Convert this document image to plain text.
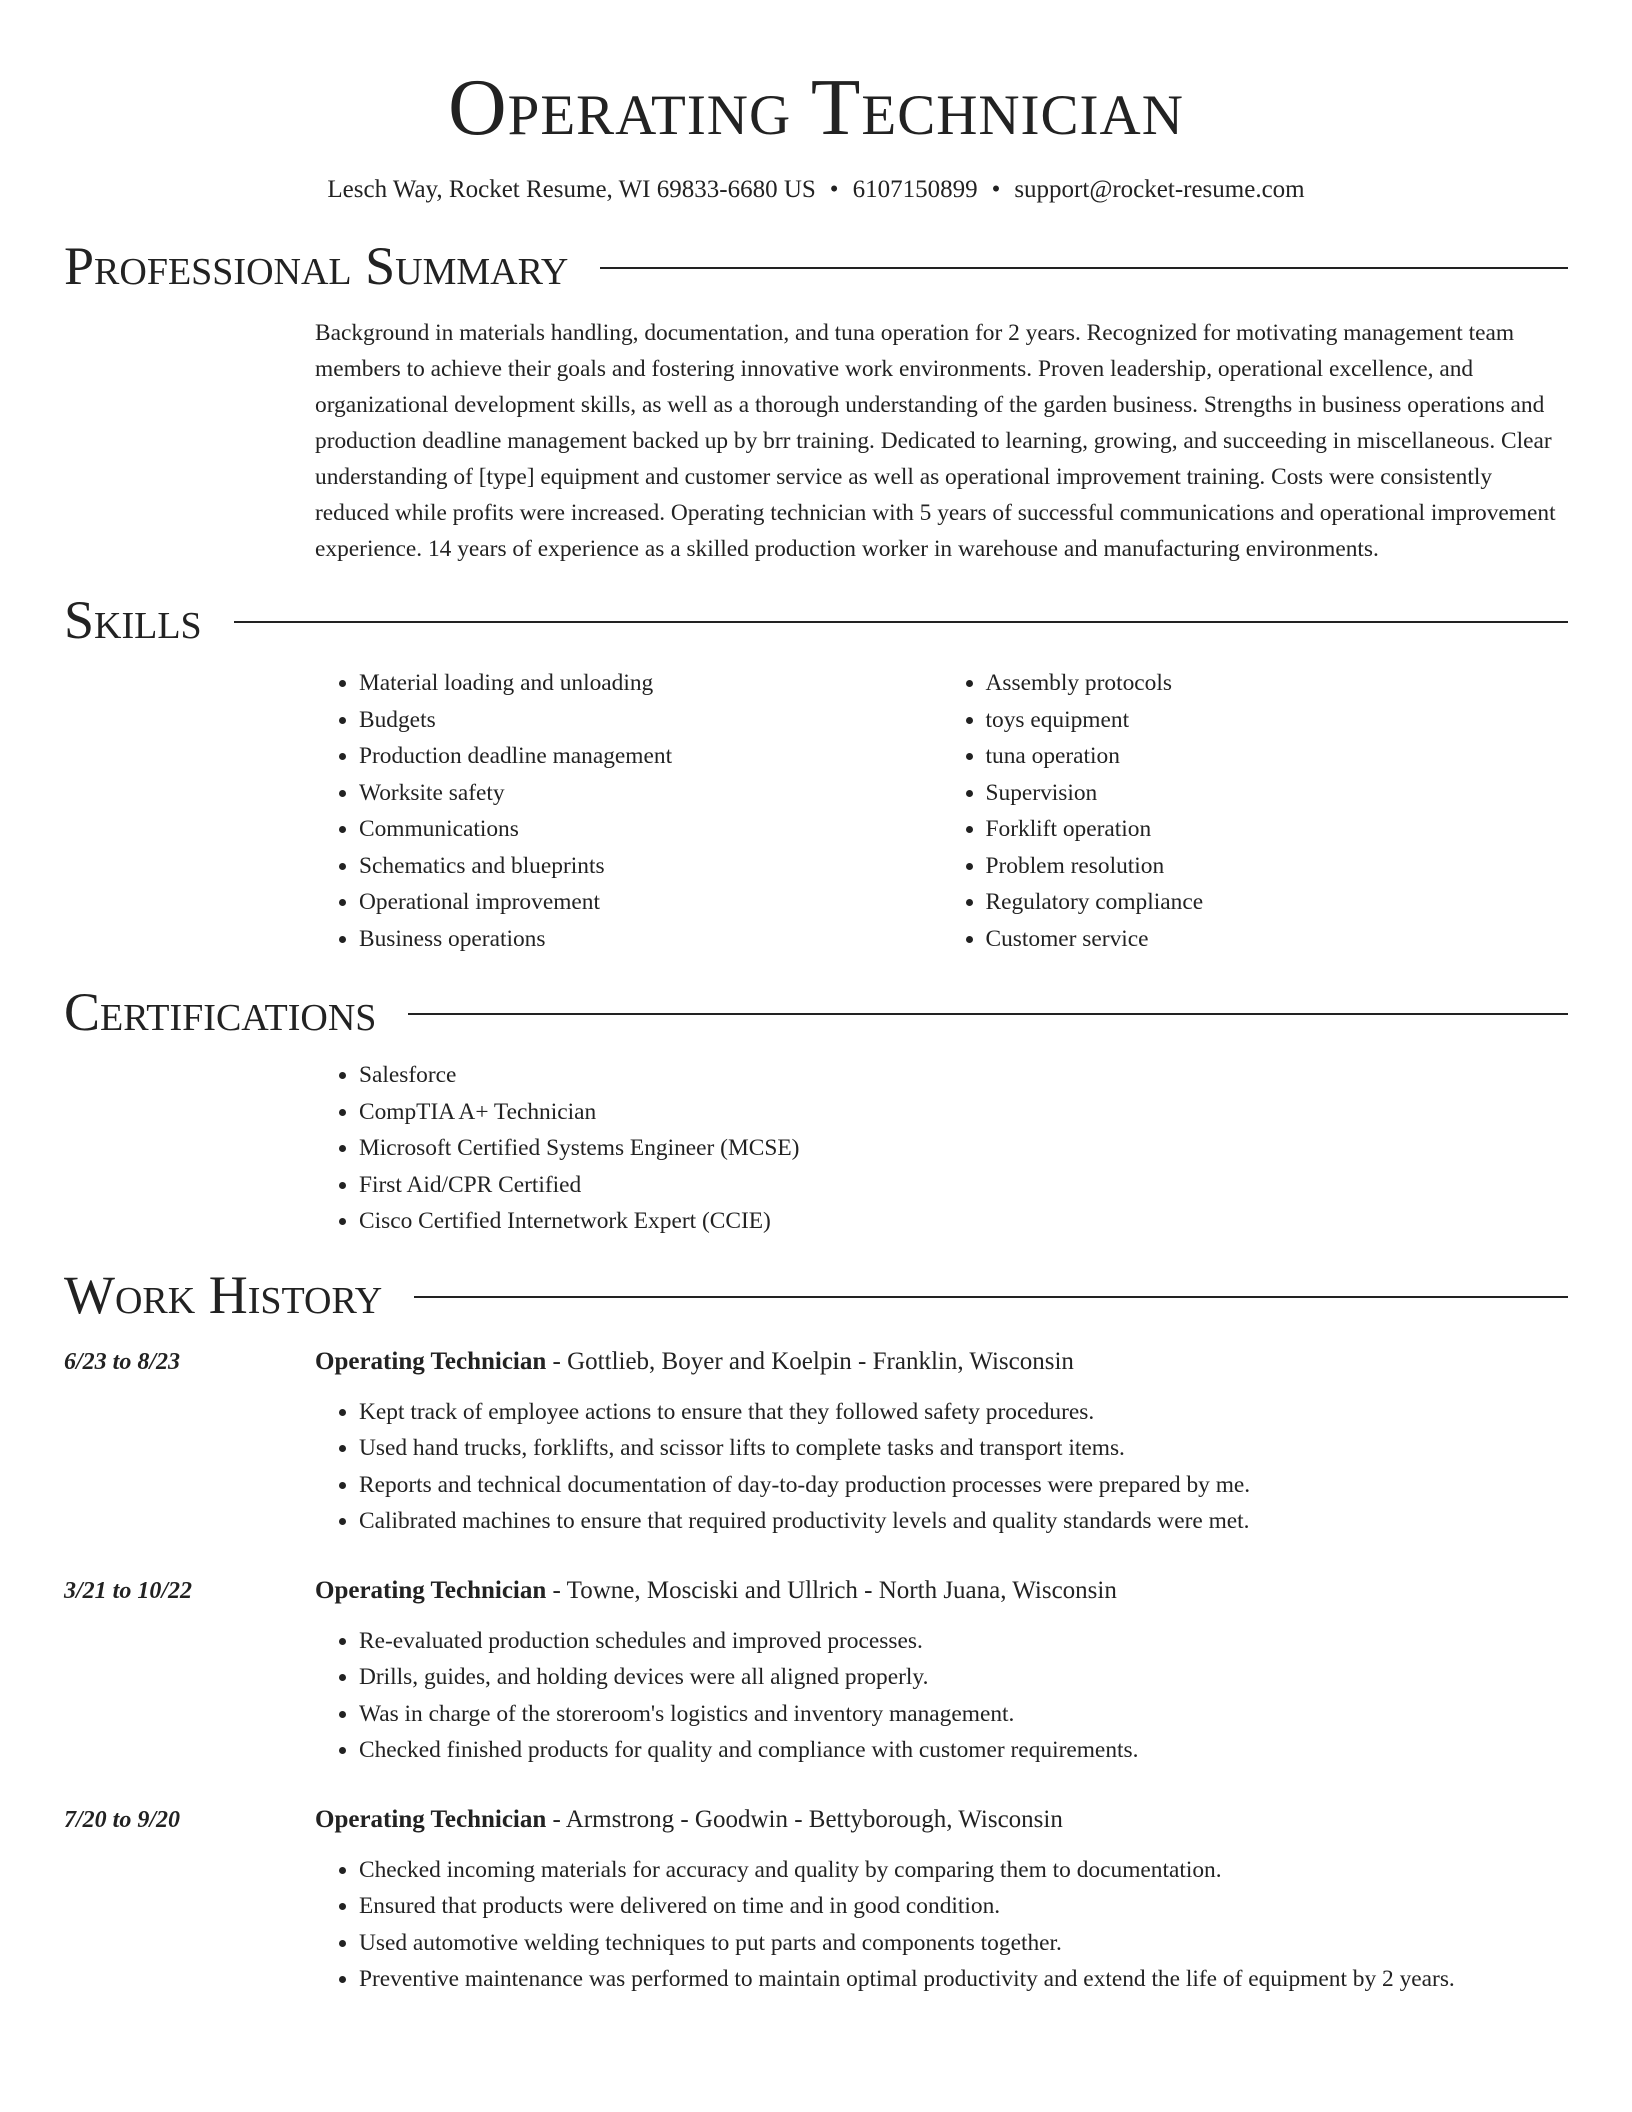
Operating Technician
Lesch Way, Rocket Resume, WI 69833-6680 US • 6107150899 • support@rocket-resume.com
Professional Summary

Background in materials handling, documentation, and tuna operation for 2 years. Recognized for motivating management team members to achieve their goals and fostering innovative work environments. Proven leadership, operational excellence, and organizational development skills, as well as a thorough understanding of the garden business. Strengths in business operations and production deadline management backed up by brr training. Dedicated to learning, growing, and succeeding in miscellaneous. Clear understanding of [type] equipment and customer service as well as operational improvement training. Costs were consistently reduced while profits were increased. Operating technician with 5 years of successful communications and operational improvement experience. 14 years of experience as a skilled production worker in warehouse and manufacturing environments.

Skills
• Material loading and unloading
• Budgets
• Production deadline management
• Worksite safety
• Communications
• Schematics and blueprints
• Operational improvement
• Business operations
• Assembly protocols
• toys equipment
• tuna operation
• Supervision
• Forklift operation
• Problem resolution
• Regulatory compliance
• Customer service
Certifications
• Salesforce
• CompTIA A+ Technician
• Microsoft Certified Systems Engineer (MCSE)
• First Aid/CPR Certified
• Cisco Certified Internetwork Expert (CCIE)
Work History
6/23 to 8/23	Operating Technician - Gottlieb, Boyer and Koelpin - Franklin, Wisconsin
• Kept track of employee actions to ensure that they followed safety procedures.
• Used hand trucks, forklifts, and scissor lifts to complete tasks and transport items.
• Reports and technical documentation of day-to-day production processes were prepared by me.
• Calibrated machines to ensure that required productivity levels and quality standards were met.
3/21 to 10/22	Operating Technician - Towne, Mosciski and Ullrich - North Juana, Wisconsin
• Re-evaluated production schedules and improved processes.
• Drills, guides, and holding devices were all aligned properly.
• Was in charge of the storeroom's logistics and inventory management.
• Checked finished products for quality and compliance with customer requirements.
7/20 to 9/20	Operating Technician - Armstrong - Goodwin - Bettyborough, Wisconsin
• Checked incoming materials for accuracy and quality by comparing them to documentation.
• Ensured that products were delivered on time and in good condition.
• Used automotive welding techniques to put parts and components together.
• Preventive maintenance was performed to maintain optimal productivity and extend the life of equipment by 2 years.
